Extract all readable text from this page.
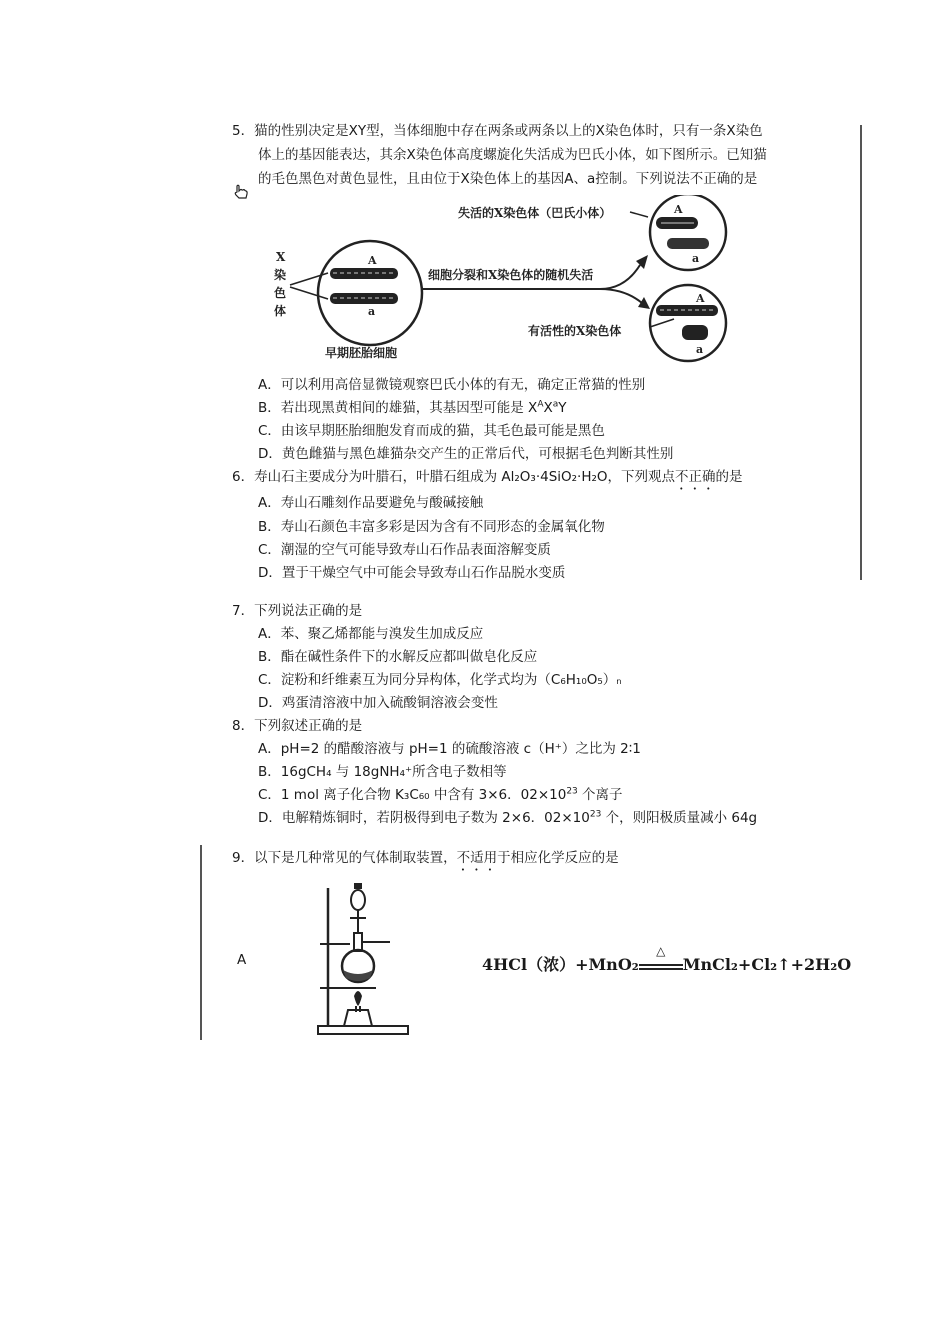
5．猫的性别决定是XY型，当体细胞中存在两条或两条以上的X染色体时，只有一条X染色
体上的基因能表达，其余X染色体高度螺旋化失活成为巴氏小体，如下图所示。已知猫
的毛色黑色对黄色显性，且由位于X染色体上的基因A、a控制。下列说法不正确的是
失活的X染色体（巴氏小体）	A
a
A
a
X
染
色
体
早期胚胎细胞
细胞分裂和X染色体的随机失活
A
a
有活性的X染色体
A．可以利用高倍显微镜观察巴氏小体的有无，确定正常猫的性别
B．若出现黑黄相间的雄猫，其基因型可能是 $X^AX^aY$
C．由该早期胚胎细胞发育而成的猫，其毛色最可能是黑色
D．黄色雌猫与黑色雄猫杂交产生的正常后代，可根据毛色判断其性别
6．寿山石主要成分为叶腊石，叶腊石组成为 Al₂O₃·4SiO₂·H₂O，下列观点不正确的是
A．寿山石雕刻作品要避免与酸碱接触
B．寿山石颜色丰富多彩是因为含有不同形态的金属氧化物
C．潮湿的空气可能导致寿山石作品表面溶解变质
D．置于干燥空气中可能会导致寿山石作品脱水变质
7．下列说法正确的是
A．苯、聚乙烯都能与溴发生加成反应
B．酯在碱性条件下的水解反应都叫做皂化反应
C．淀粉和纤维素互为同分异构体，化学式均为（C₆H₁₀O₅）ₙ
D．鸡蛋清溶液中加入硫酸铜溶液会变性
8．下列叙述正确的是
A．pH=2 的醋酸溶液与 pH=1 的硫酸溶液 c（H⁺）之比为 2∶1
B．16gCH₄ 与 18gNH₄⁺所含电子数相等
C．1 mol 离子化合物 K₃C₆₀ 中含有 3×6．$02\times 10^{23}$ 个离子
D．电解精炼铜时，若阴极得到电子数为 2×6．$02\times 10^{23}$ 个，则阳极质量减小 64g
9．以下是几种常见的气体制取装置，不适用于相应化学反应的是
A	4HCl（浓）+MnO₂
△
MnCl₂+Cl₂↑+2H₂O
